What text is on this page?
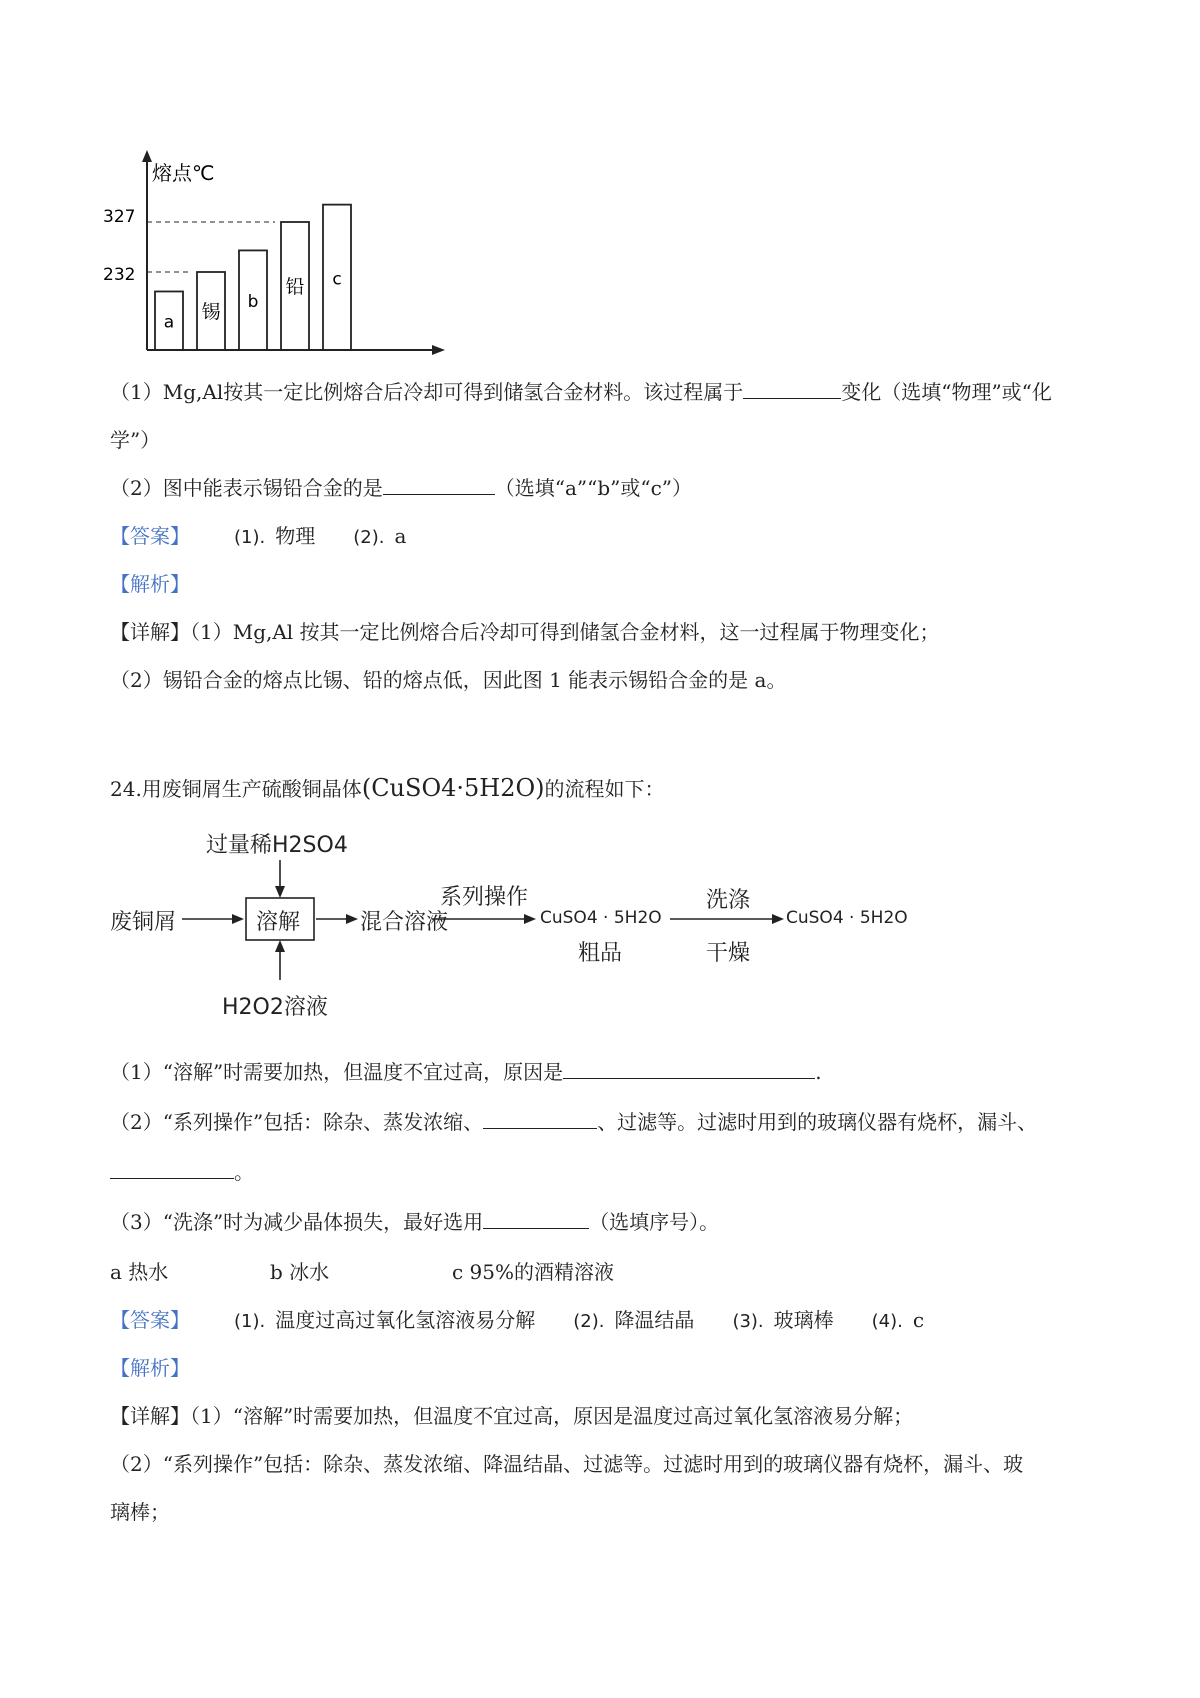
熔点℃
327
232
a 锡 b
铅 c
（1）Mg,Al按其一定比例熔合后冷却可得到储氢合金材料。该过程属于	变化（选填“物理”或“化
学”）
（2）图中能表示锡铅合金的是	（选填“a”“b”或“c”）
【答案】 (1). 物理 (2). a
【解析】
【详解】（1）Mg,Al 按其一定比例熔合后冷却可得到储氢合金材料，这一过程属于物理变化；
（2）锡铅合金的熔点比锡、铅的熔点低，因此图 1 能表示锡铅合金的是 a。
24.用废铜屑生产硫酸铜晶体(CuSO4·5H2O)的流程如下：
过量稀H2SO4
废铜屑	溶解
H2O2溶液
混合溶液
系列操作
CuSO4 · 5H2O
粗品
洗涤
干燥
CuSO4 · 5H2O
（1）“溶解”时需要加热，但温度不宜过高，原因是	.
（2）“系列操作”包括：除杂、蒸发浓缩、	、过滤等。过滤时用到的玻璃仪器有烧杯，漏斗、
。
（3）“洗涤”时为减少晶体损失，最好选用	（选填序号）。
a 热水	b 冰水	c 95%的酒精溶液
【答案】 (1). 温度过高过氧化氢溶液易分解 (2). 降温结晶 (3). 玻璃棒 (4). c
【解析】
【详解】（1）“溶解”时需要加热，但温度不宜过高，原因是温度过高过氧化氢溶液易分解；
（2）“系列操作”包括：除杂、蒸发浓缩、降温结晶、过滤等。过滤时用到的玻璃仪器有烧杯，漏斗、玻
璃棒；
